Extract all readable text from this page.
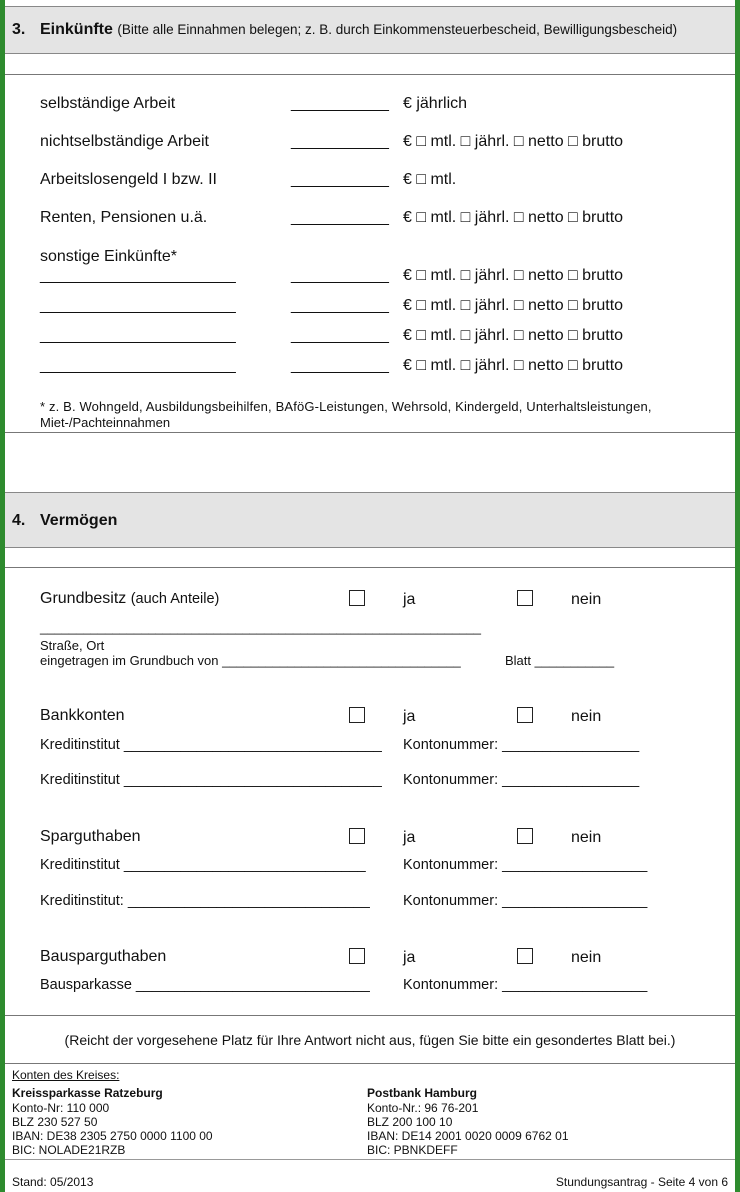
3. Einkünfte (Bitte alle Einnahmen belegen; z. B. durch Einkommensteuerbescheid, Bewilligungsbescheid)
selbständige Arbeit	___________ € jährlich
nichtselbständige Arbeit	___________ € □ mtl. □ jährl. □ netto □ brutto
Arbeitslosengeld I bzw. II	___________ € □ mtl.
Renten, Pensionen u.ä.	___________ € □ mtl. □ jährl. □ netto □ brutto
sonstige Einkünfte*
______________________	___________ € □ mtl. □ jährl. □ netto □ brutto
______________________	___________ € □ mtl. □ jährl. □ netto □ brutto
______________________	___________ € □ mtl. □ jährl. □ netto □ brutto
______________________	___________ € □ mtl. □ jährl. □ netto □ brutto
* z. B. Wohngeld, Ausbildungsbeihilfen, BAföG-Leistungen, Wehrsold, Kindergeld, Unterhaltsleistungen,
Miet-/Pachteinnahmen
4. Vermögen
Grundbesitz (auch Anteile)	ja	nein
_____________________________________________________________
Straße, Ort
eingetragen im Grundbuch von _________________________________	Blatt ___________
Bankkonten	ja	nein
Kreditinstitut ________________________________ Kontonummer: _________________
Kreditinstitut ________________________________ Kontonummer: _________________
Sparguthaben	ja	nein
Kreditinstitut ______________________________	Kontonummer: __________________
Kreditinstitut: ______________________________ Kontonummer: __________________
Bausparguthaben	ja	nein
Bausparkasse _____________________________ Kontonummer: __________________
(Reicht der vorgesehene Platz für Ihre Antwort nicht aus, fügen Sie bitte ein gesondertes Blatt bei.)
Konten des Kreises:
Kreissparkasse Ratzeburg
Konto-Nr: 110 000
BLZ 230 527 50
IBAN: DE38 2305 2750 0000 1100 00
BIC: NOLADE21RZB
Postbank Hamburg
Konto-Nr.: 96 76-201
BLZ 200 100 10
IBAN: DE14 2001 0020 0009 6762 01
BIC: PBNKDEFF
Stand: 05/2013	Stundungsantrag - Seite 4 von 6
